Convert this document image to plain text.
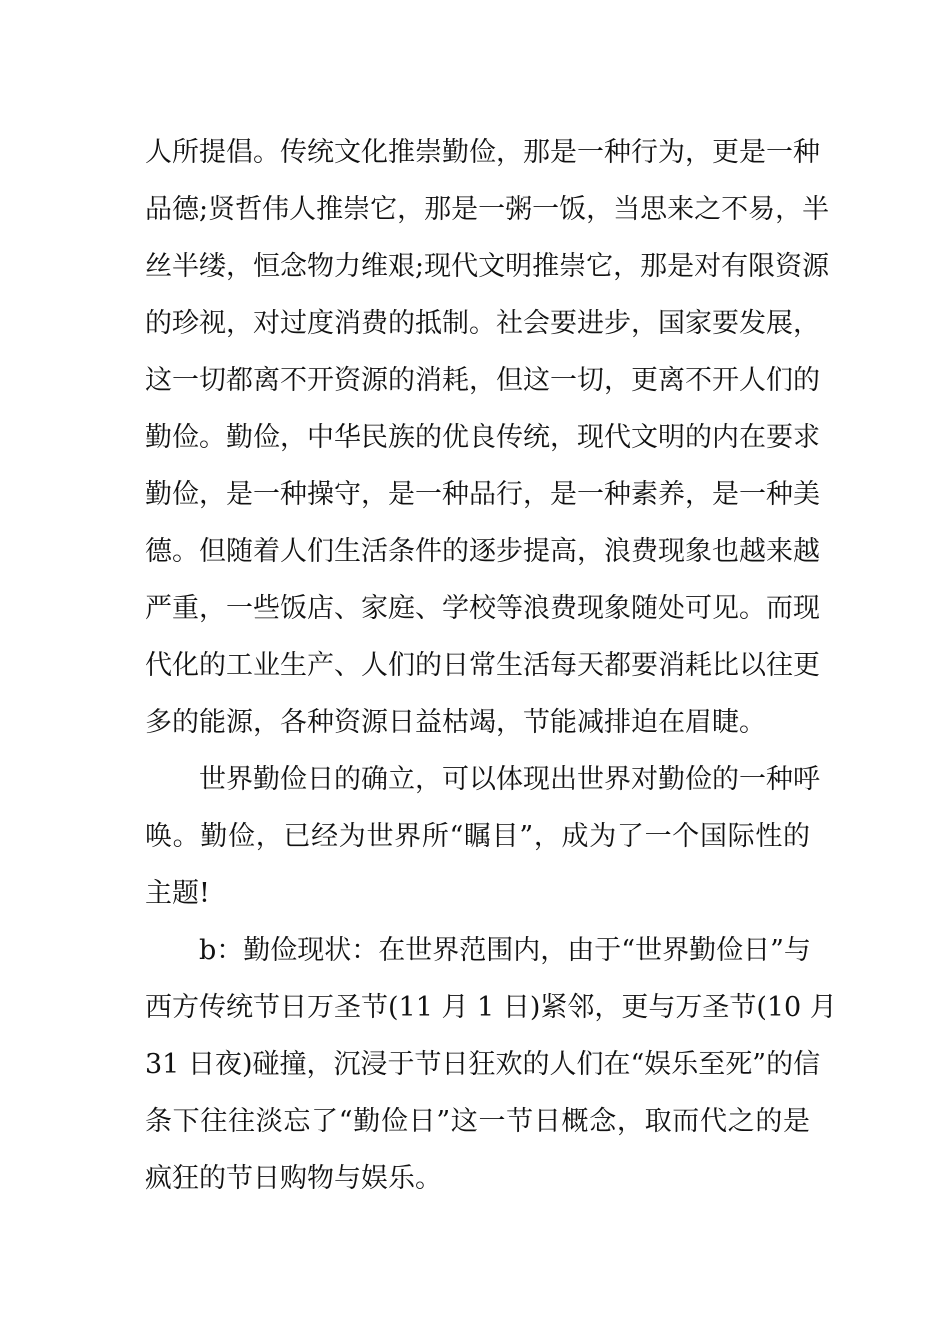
人所提倡。传统文化推崇勤俭，那是一种行为，更是一种
品德;贤哲伟人推崇它，那是一粥一饭，当思来之不易，半
丝半缕，恒念物力维艰;现代文明推崇它，那是对有限资源
的珍视，对过度消费的抵制。社会要进步，国家要发展，
这一切都离不开资源的消耗，但这一切，更离不开人们的
勤俭。勤俭，中华民族的优良传统，现代文明的内在要求
勤俭，是一种操守，是一种品行，是一种素养，是一种美
德。但随着人们生活条件的逐步提高，浪费现象也越来越
严重，一些饭店、家庭、学校等浪费现象随处可见。而现
代化的工业生产、人们的日常生活每天都要消耗比以往更
多的能源，各种资源日益枯竭，节能减排迫在眉睫。
世界勤俭日的确立，可以体现出世界对勤俭的一种呼
唤。勤俭，已经为世界所“瞩目”，成为了一个国际性的
主题!
b：勤俭现状：在世界范围内，由于“世界勤俭日”与
西方传统节日万圣节(11 月 1 日)紧邻，更与万圣节(10 月
31 日夜)碰撞，沉浸于节日狂欢的人们在“娱乐至死”的信
条下往往淡忘了“勤俭日”这一节日概念，取而代之的是
疯狂的节日购物与娱乐。
